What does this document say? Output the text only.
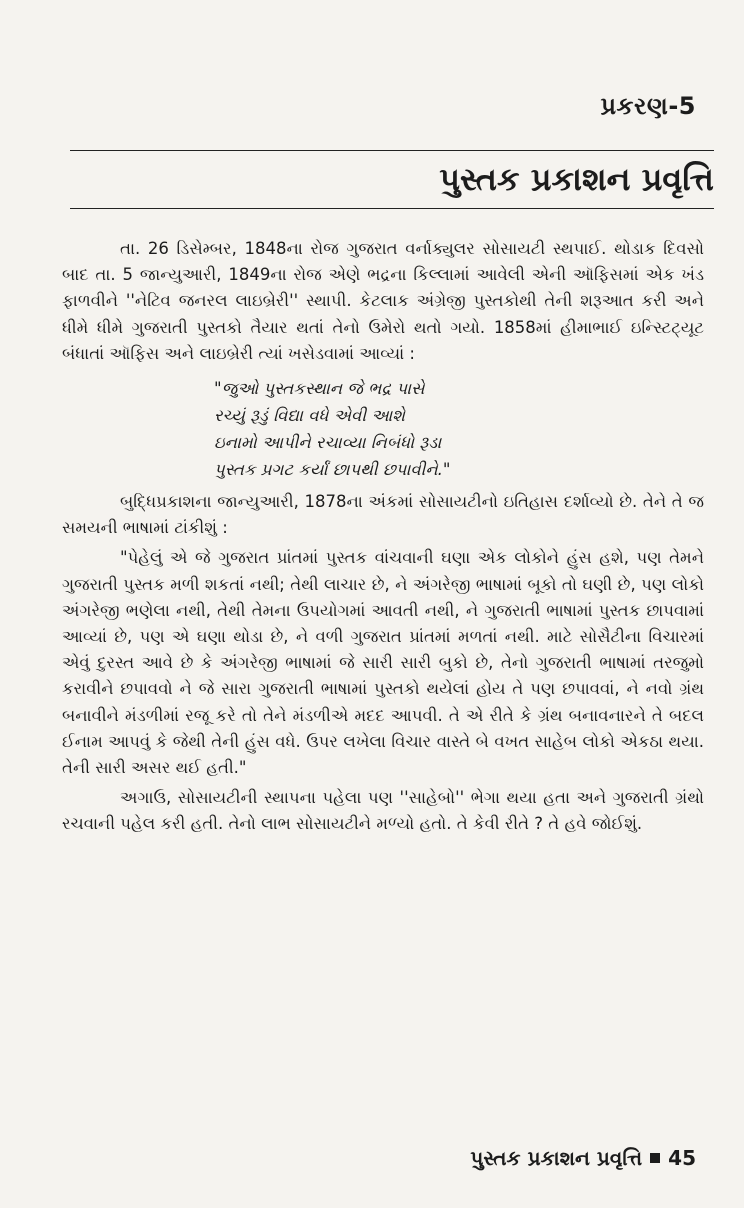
પ્રકરણ-5
પુસ્તક પ્રકાશન પ્રવૃત્તિ

તા. 26 ડિસેમ્બર, 1848ના રોજ ગુજરાત વર્નાક્યુલર સોસાયટી સ્થપાઈ. થોડાક દિવસો બાદ તા. 5 જાન્યુઆરી, 1849ના રોજ એણે ભદ્રના કિલ્લામાં આવેલી એની ઑફિસમાં એક ખંડ ફાળવીને ''નેટિવ જનરલ લાઇબ્રેરી'' સ્થાપી. કેટલાક અંગ્રેજી પુસ્તકોથી તેની શરૂઆત કરી અને ધીમે ધીમે ગુજરાતી પુસ્તકો તૈયાર થતાં તેનો ઉમેરો થતો ગયો. 1858માં હીમાભાઈ ઇન્સ્ટિટ્યૂટ બંધાતાં ઑફિસ અને લાઇબ્રેરી ત્યાં ખસેડવામાં આવ્યાં :

"જુઓ પુસ્તકસ્થાન જે ભદ્ર પાસે
રચ્યું રૂડું વિદ્યા વધે એવી આશે
ઇનામો આપીને રચાવ્યા નિબંધો રૂડા
પુસ્તક પ્રગટ કર્યાં છાપથી છપાવીને."

બુદ્ધિપ્રકાશના જાન્યુઆરી, 1878ના અંકમાં સોસાયટીનો ઇતિહાસ દર્શાવ્યો છે. તેને તે જ સમયની ભાષામાં ટાંકીશું :

"પેહેલું એ જે ગુજરાત પ્રાંતમાં પુસ્તક વાંચવાની ઘણા એક લોકોને હુંસ હશે, પણ તેમને ગુજરાતી પુસ્તક મળી શકતાં નથી; તેથી લાચાર છે, ને અંગરેજી ભાષામાં બૂકો તો ઘણી છે, પણ લોકો અંગરેજી ભણેલા નથી, તેથી તેમના ઉપયોગમાં આવતી નથી, ને ગુજરાતી ભાષામાં પુસ્તક છાપવામાં આવ્યાં છે, પણ એ ઘણા થોડા છે, ને વળી ગુજરાત પ્રાંતમાં મળતાં નથી. માટે સોસૈટીના વિચારમાં એવું દુરસ્ત આવે છે કે અંગરેજી ભાષામાં જે સારી સારી બુકો છે, તેનો ગુજરાતી ભાષામાં તરજુમો કરાવીને છપાવવો ને જે સારા ગુજરાતી ભાષામાં પુસ્તકો થયેલાં હોય તે પણ છપાવવાં, ને નવો ગ્રંથ બનાવીને મંડળીમાં રજૂ કરે તો તેને મંડળીએ મદદ આપવી. તે એ રીતે કે ગ્રંથ બનાવનારને તે બદલ ઈનામ આપવું કે જેથી તેની હુંસ વધે. ઉપર લખેલા વિચાર વાસ્તે બે વખત સાહેબ લોકો એકઠા થયા. તેની સારી અસર થઈ હતી."

અગાઉ, સોસાયટીની સ્થાપના પહેલા પણ ''સાહેબો'' ભેગા થયા હતા અને ગુજરાતી ગ્રંથો રચવાની પહેલ કરી હતી. તેનો લાભ સોસાયટીને મળ્યો હતો. તે કેવી રીતે ? તે હવે જોઈશું.

પુસ્તક પ્રકાશન પ્રવૃત્તિ 45
